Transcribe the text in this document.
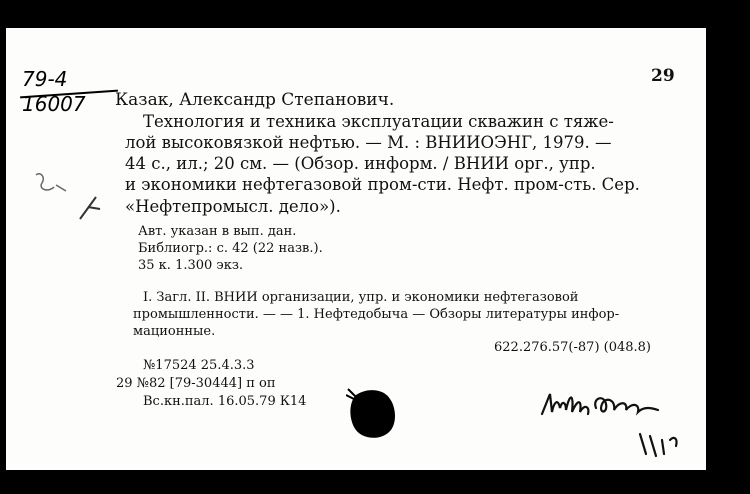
29

79-4

16007 Казак, Александр Степанович.

Технология и техника эксплуатации скважин с тяже-

лой высоковязкой нефтью. — М. : ВНИИОЭНГ, 1979. —

44 с., ил.; 20 см. — (Обзор. информ. / ВНИИ орг., упр.

и экономики нефтегазовой пром-сти. Нефт. пром-сть. Сер.

«Нефтепромысл. дело»).

Авт. указан в вып. дан.

Библиогр.: с. 42 (22 назв.).

35 к. 1.300 экз.

I. Загл. II. ВНИИ организации, упр. и экономики нефтегазовой

промышленности. — — 1. Нефтедобыча — Обзоры литературы инфор-

мационные.

622.276.57(-87) (048.8)

№17524 25.4.3.3

29 №82 [79-30444] п оп

Вс.кн.пал. 16.05.79 К14
